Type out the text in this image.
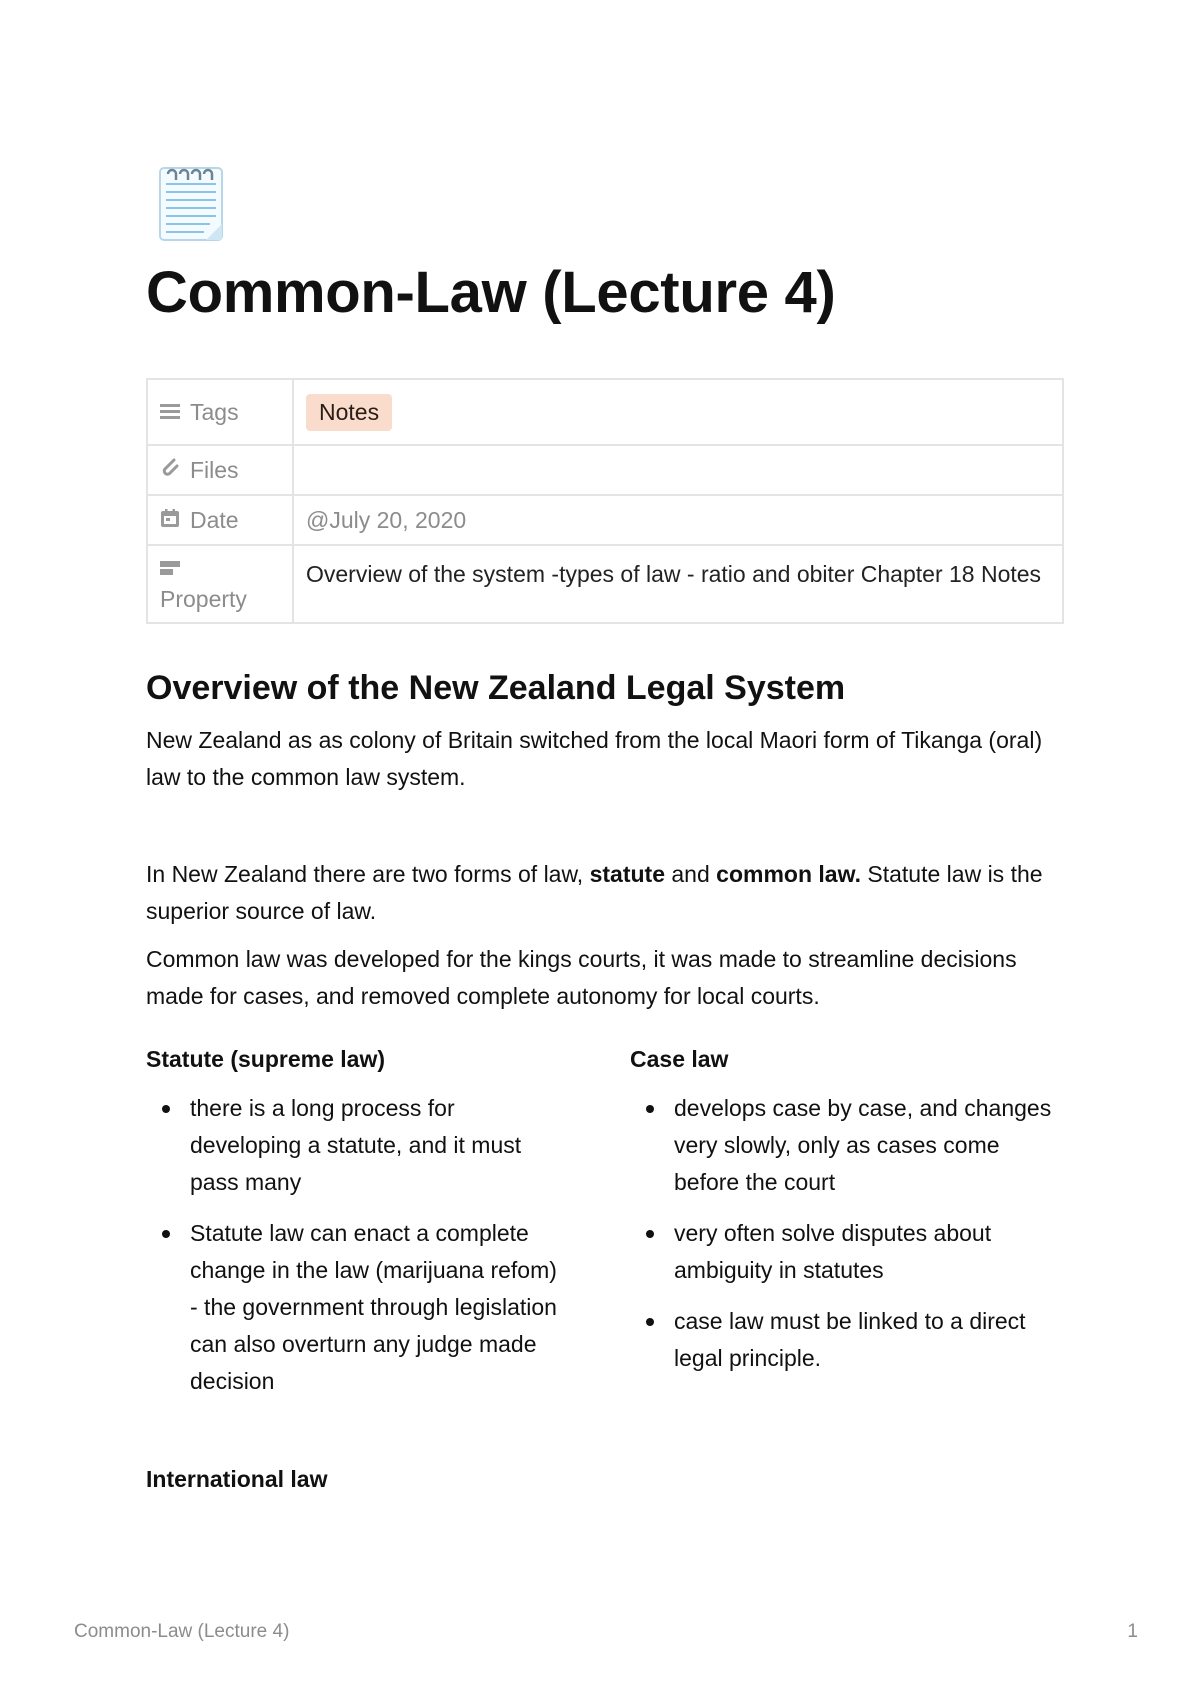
Common-Law (Lecture 4)
Tags	Notes

Files	

Date	@July 20, 2020

Property	Overview of the system -types of law - ratio and obiter Chapter 18 Notes
Overview of the New Zealand Legal System

New Zealand as as colony of Britain switched from the local Maori form of Tikanga (oral) law to the common law system.

In New Zealand there are two forms of law, statute and common law. Statute law is the superior source of law.

Common law was developed for the kings courts, it was made to streamline decisions made for cases, and removed complete autonomy for local courts.

Statute (supreme law)
there is a long process for developing a statute, and it must pass many
Statute law can enact a complete change in the law (marijuana refom) - the government through legislation can also overturn any judge made decision
Case law
develops case by case, and changes very slowly, only as cases come before the court
very often solve disputes about ambiguity in statutes
case law must be linked to a direct legal principle.
International law
Common-Law (Lecture 4)	1
